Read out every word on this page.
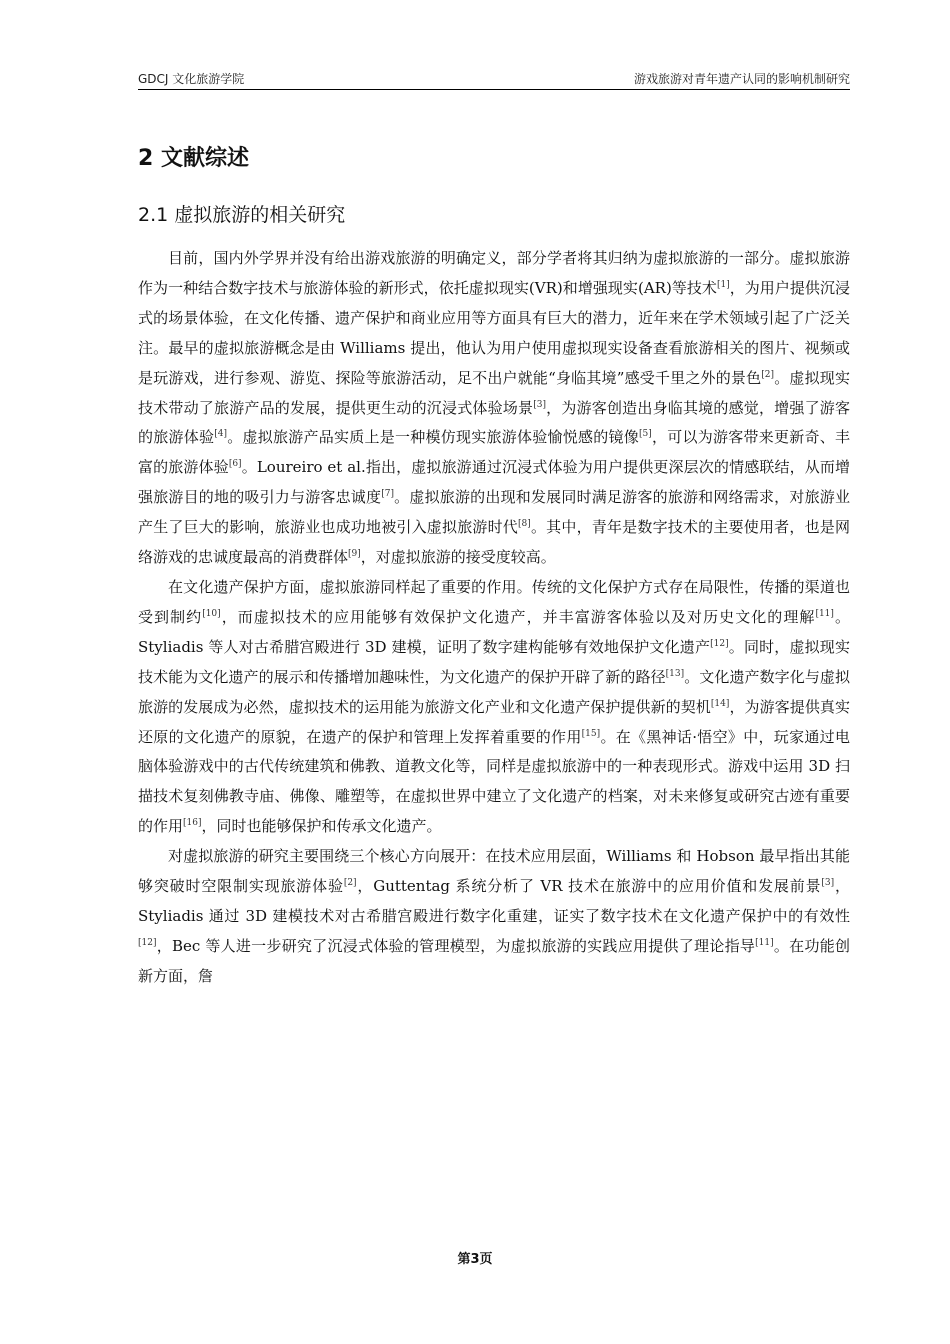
GDCJ 文化旅游学院	游戏旅游对青年遗产认同的影响机制研究
2 文献综述
2.1 虚拟旅游的相关研究

目前，国内外学界并没有给出游戏旅游的明确定义，部分学者将其归纳为虚拟旅游的一部分。虚拟旅游作为一种结合数字技术与旅游体验的新形式，依托虚拟现实(VR)和增强现实(AR)等技术[1]，为用户提供沉浸式的场景体验，在文化传播、遗产保护和商业应用等方面具有巨大的潜力，近年来在学术领域引起了广泛关注。最早的虚拟旅游概念是由 Williams 提出，他认为用户使用虚拟现实设备查看旅游相关的图片、视频或是玩游戏，进行参观、游览、探险等旅游活动，足不出户就能“身临其境”感受千里之外的景色[2]。虚拟现实技术带动了旅游产品的发展，提供更生动的沉浸式体验场景[3]，为游客创造出身临其境的感觉，增强了游客的旅游体验[4]。虚拟旅游产品实质上是一种模仿现实旅游体验愉悦感的镜像[5]，可以为游客带来更新奇、丰富的旅游体验[6]。Loureiro et al.指出，虚拟旅游通过沉浸式体验为用户提供更深层次的情感联结，从而增强旅游目的地的吸引力与游客忠诚度[7]。虚拟旅游的出现和发展同时满足游客的旅游和网络需求，对旅游业产生了巨大的影响，旅游业也成功地被引入虚拟旅游时代[8]。其中，青年是数字技术的主要使用者，也是网络游戏的忠诚度最高的消费群体[9]，对虚拟旅游的接受度较高。

在文化遗产保护方面，虚拟旅游同样起了重要的作用。传统的文化保护方式存在局限性，传播的渠道也受到制约[10]，而虚拟技术的应用能够有效保护文化遗产，并丰富游客体验以及对历史文化的理解[11]。Styliadis 等人对古希腊宫殿进行 3D 建模，证明了数字建构能够有效地保护文化遗产[12]。同时，虚拟现实技术能为文化遗产的展示和传播增加趣味性，为文化遗产的保护开辟了新的路径[13]。文化遗产数字化与虚拟旅游的发展成为必然，虚拟技术的运用能为旅游文化产业和文化遗产保护提供新的契机[14]，为游客提供真实还原的文化遗产的原貌，在遗产的保护和管理上发挥着重要的作用[15]。在《黑神话·悟空》中，玩家通过电脑体验游戏中的古代传统建筑和佛教、道教文化等，同样是虚拟旅游中的一种表现形式。游戏中运用 3D 扫描技术复刻佛教寺庙、佛像、雕塑等，在虚拟世界中建立了文化遗产的档案，对未来修复或研究古迹有重要的作用[16]，同时也能够保护和传承文化遗产。

对虚拟旅游的研究主要围绕三个核心方向展开：在技术应用层面，Williams 和 Hobson 最早指出其能够突破时空限制实现旅游体验[2]，Guttentag 系统分析了 VR 技术在旅游中的应用价值和发展前景[3]，Styliadis 通过 3D 建模技术对古希腊宫殿进行数字化重建，证实了数字技术在文化遗产保护中的有效性[12]，Bec 等人进一步研究了沉浸式体验的管理模型，为虚拟旅游的实践应用提供了理论指导[11]。在功能创新方面，詹

第3页
